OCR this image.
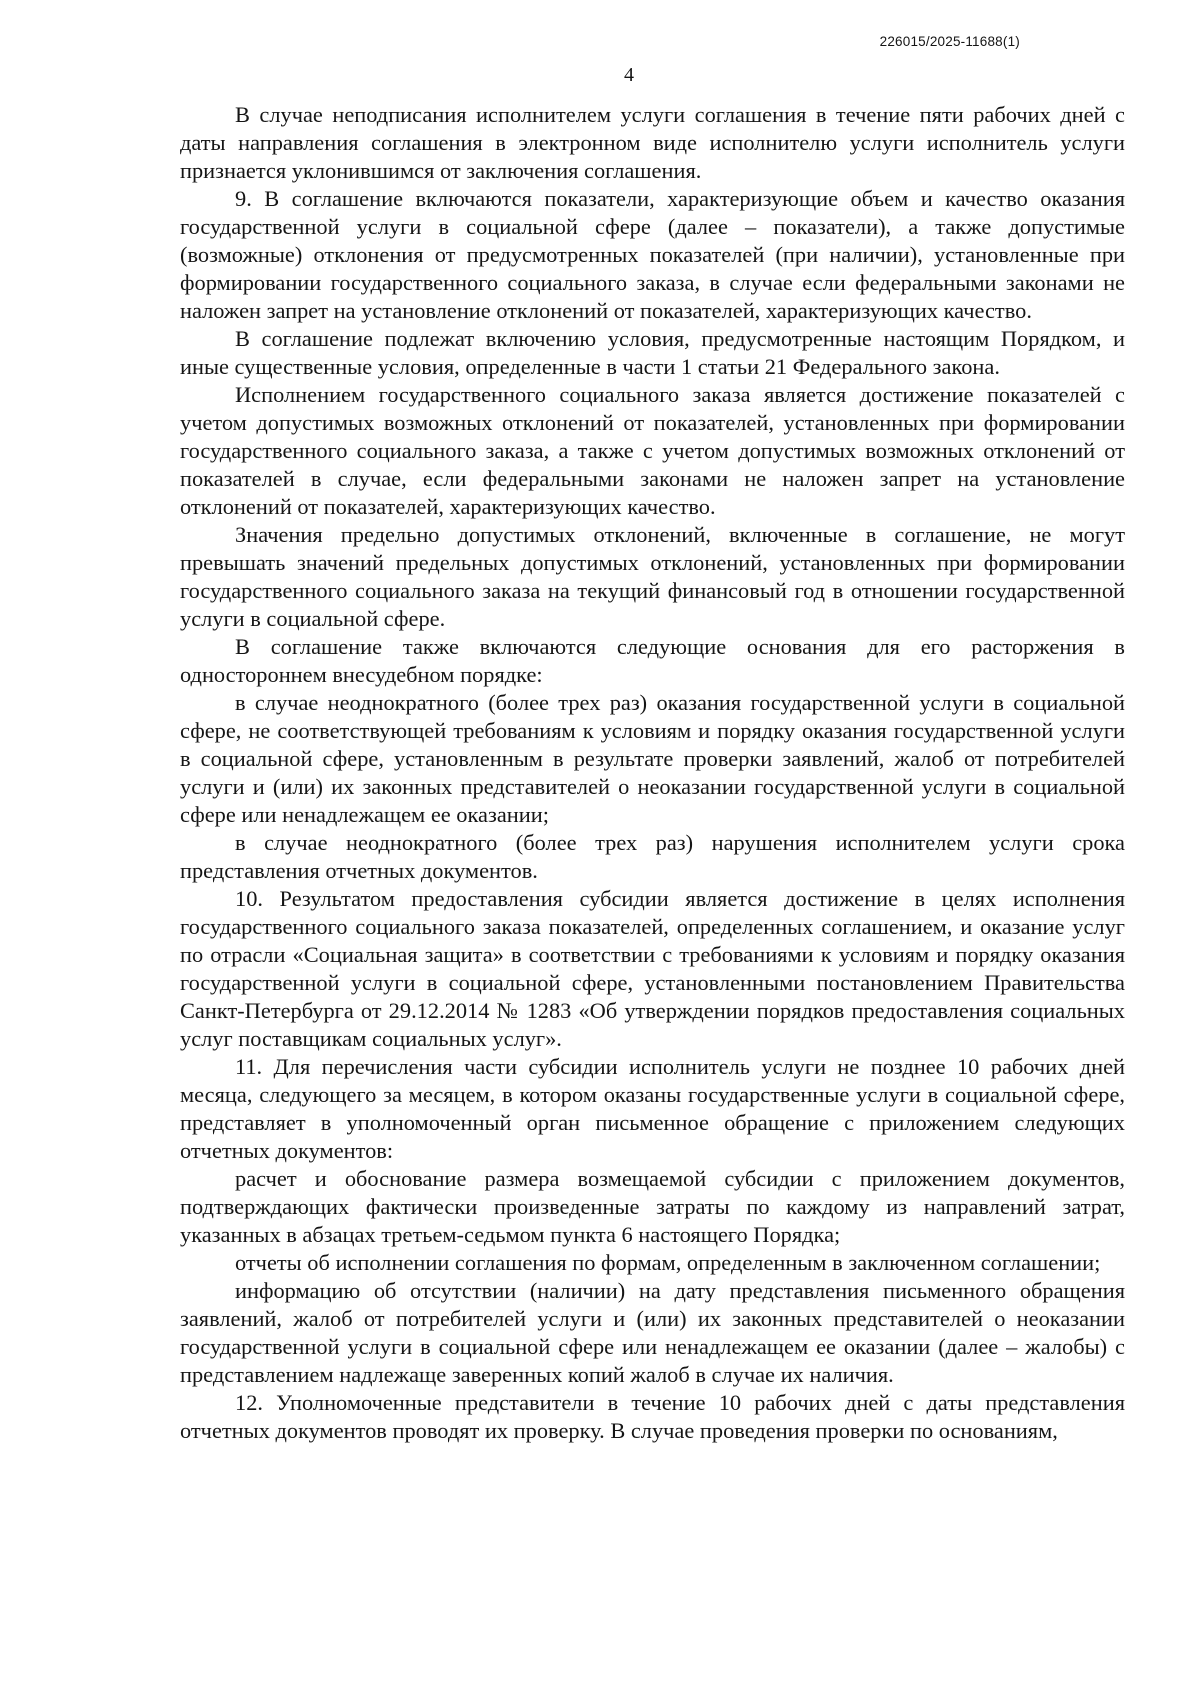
226015/2025-11688(1)
4

В случае неподписания исполнителем услуги соглашения в течение пяти рабочих дней с даты направления соглашения в электронном виде исполнителю услуги исполнитель услуги признается уклонившимся от заключения соглашения.

9. В соглашение включаются показатели, характеризующие объем и качество оказания государственной услуги в социальной сфере (далее – показатели), а также допустимые (возможные) отклонения от предусмотренных показателей (при наличии), установленные при формировании государственного социального заказа, в случае если федеральными законами не наложен запрет на установление отклонений от показателей, характеризующих качество.

В соглашение подлежат включению условия, предусмотренные настоящим Порядком, и иные существенные условия, определенные в части 1 статьи 21 Федерального закона.

Исполнением государственного социального заказа является достижение показателей с учетом допустимых возможных отклонений от показателей, установленных при формировании государственного социального заказа, а также с учетом допустимых возможных отклонений от показателей в случае, если федеральными законами не наложен запрет на установление отклонений от показателей, характеризующих качество.

Значения предельно допустимых отклонений, включенные в соглашение, не могут превышать значений предельных допустимых отклонений, установленных при формировании государственного социального заказа на текущий финансовый год в отношении государственной услуги в социальной сфере.

В соглашение также включаются следующие основания для его расторжения в одностороннем внесудебном порядке:

в случае неоднократного (более трех раз) оказания государственной услуги в социальной сфере, не соответствующей требованиям к условиям и порядку оказания государственной услуги в социальной сфере, установленным в результате проверки заявлений, жалоб от потребителей услуги и (или) их законных представителей о неоказании государственной услуги в социальной сфере или ненадлежащем ее оказании;

в случае неоднократного (более трех раз) нарушения исполнителем услуги срока представления отчетных документов.

10. Результатом предоставления субсидии является достижение в целях исполнения государственного социального заказа показателей, определенных соглашением, и оказание услуг по отрасли «Социальная защита» в соответствии с требованиями к условиям и порядку оказания государственной услуги в социальной сфере, установленными постановлением Правительства Санкт-Петербурга от 29.12.2014 № 1283 «Об утверждении порядков предоставления социальных услуг поставщикам социальных услуг».

11. Для перечисления части субсидии исполнитель услуги не позднее 10 рабочих дней месяца, следующего за месяцем, в котором оказаны государственные услуги в социальной сфере, представляет в уполномоченный орган письменное обращение с приложением следующих отчетных документов:

расчет и обоснование размера возмещаемой субсидии с приложением документов, подтверждающих фактически произведенные затраты по каждому из направлений затрат, указанных в абзацах третьем-седьмом пункта 6 настоящего Порядка;

отчеты об исполнении соглашения по формам, определенным в заключенном соглашении;

информацию об отсутствии (наличии) на дату представления письменного обращения заявлений, жалоб от потребителей услуги и (или) их законных представителей о неоказании государственной услуги в социальной сфере или ненадлежащем ее оказании (далее – жалобы) с представлением надлежаще заверенных копий жалоб в случае их наличия.

12. Уполномоченные представители в течение 10 рабочих дней с даты представления отчетных документов проводят их проверку. В случае проведения проверки по основаниям,
